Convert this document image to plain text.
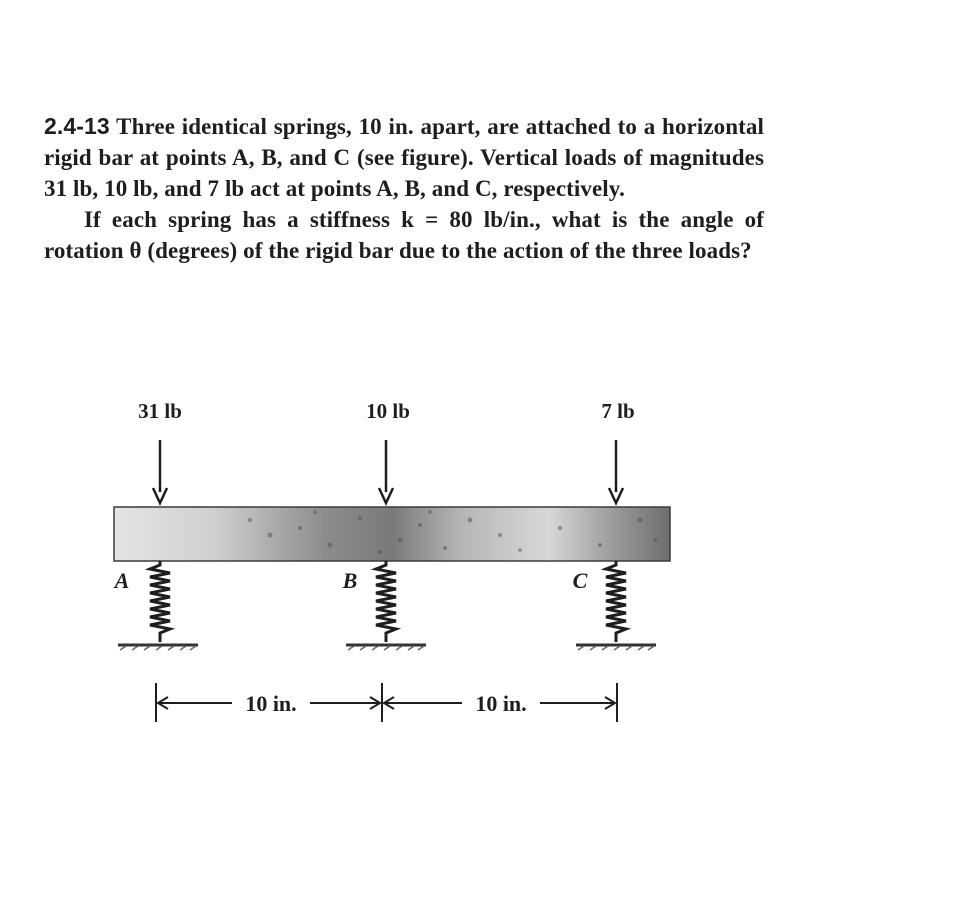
2.4-13 Three identical springs, 10 in. apart, are attached to a horizontal rigid bar at points A, B, and C (see figure). Vertical loads of magnitudes 31 lb, 10 lb, and 7 lb act at points A, B, and C, respectively.

If each spring has a stiffness k = 80 lb/in., what is the angle of rotation θ (degrees) of the rigid bar due to the action of the three loads?

31 lb	10 lb	7 lb
A	B	C
10 in.	10 in.
